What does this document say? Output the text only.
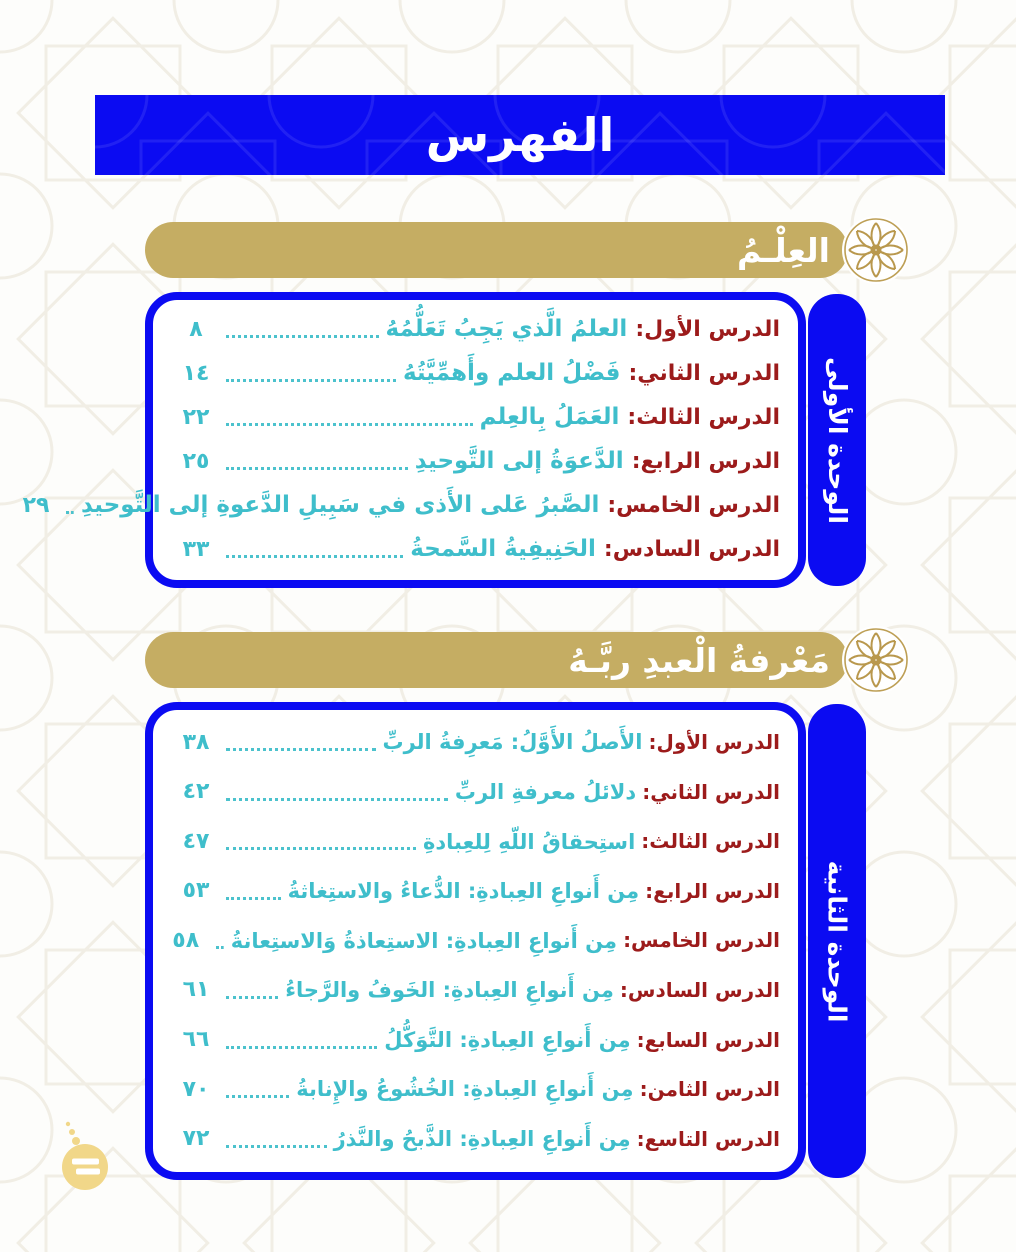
الفهرس
العِلْـمُ
الدرس الأول:
العلمُ الَّذي يَجِبُ تَعَلُّمُهُ
٨
الدرس الثاني:
فَضْلُ العلم وأَهمِّيَّتُهُ
١٤
الدرس الثالث:
العَمَلُ بِالعِلم
٢٢
الدرس الرابع:
الدَّعوَةُ إلى التَّوحيدِ
٢٥
الدرس الخامس:
الصَّبرُ عَلى الأَذى في سَبِيلِ الدَّعوةِ إلى التَّوحيدِ
٢٩
الدرس السادس:
الحَنِيفِيةُ السَّمحةُ
٣٣
الوحدة الأولى
مَعْرفةُ الْعبدِ ربَّـهُ
الدرس الأول:
الأَصلُ الأَوَّلُ: مَعرِفةُ الربِّ
٣٨
الدرس الثاني:
دلائلُ معرفةِ الربِّ
٤٢
الدرس الثالث:
استِحقاقُ اللّهِ لِلعِبادةِ
٤٧
الدرس الرابع:
مِن أَنواعِ العِبادةِ: الدُّعاءُ والاستِغاثةُ
٥٣
الدرس الخامس:
مِن أَنواعِ العِبادةِ: الاستِعاذةُ وَالاستِعانةُ
٥٨
الدرس السادس:
مِن أَنواعِ العِبادةِ: الخَوفُ والرَّجاءُ
٦١
الدرس السابع:
مِن أَنواعِ العِبادةِ: التَّوَكُّلُ
٦٦
الدرس الثامن:
مِن أَنواعِ العِبادةِ: الخُشُوعُ والإِنابةُ
٧٠
الدرس التاسع:
مِن أَنواعِ العِبادةِ: الذَّبحُ والنَّذرُ
٧٢
الوحدة الثانية
